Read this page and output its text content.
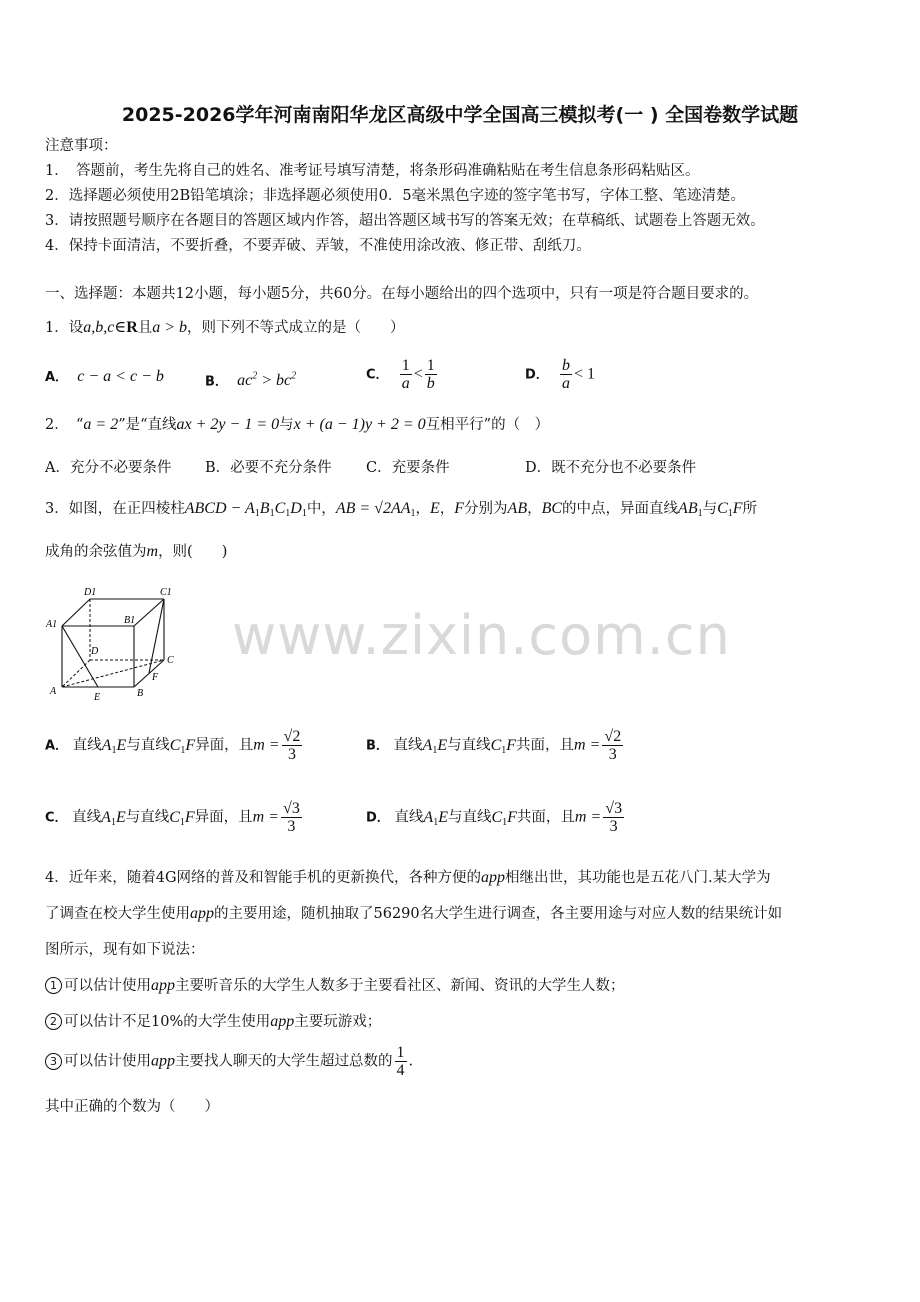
2025-2026学年河南南阳华龙区高级中学全国高三模拟考(一 ) 全国卷数学试题
注意事项：
1．　答题前，考生先将自己的姓名、准考证号填写清楚，将条形码准确粘贴在考生信息条形码粘贴区。
2．选择题必须使用2B铅笔填涂；非选择题必须使用0．5毫米黑色字迹的签字笔书写，字体工整、笔迹清楚。
3．请按照题号顺序在各题目的答题区域内作答，超出答题区域书写的答案无效；在草稿纸、试题卷上答题无效。
4．保持卡面清洁，不要折叠，不要弄破、弄皱，不准使用涂改液、修正带、刮纸刀。
一、选择题：本题共12小题，每小题5分，共60分。在每小题给出的四个选项中，只有一项是符合题目要求的。
1．设a,b,c∈R且a > b，则下列不等式成立的是（　　）
A． c − a < c − b	B． $ac^2 > bc^2$	C． $\frac{1}{a} < \frac{1}{b}$	D． $\frac{b}{a} < 1$
2．　“a = 2”是“直线ax + 2y − 1 = 0与x + (a − 1)y + 2 = 0互相平行”的（　）
A．充分不必要条件 B．必要不充分条件 C．充要条件	D．既不充分也不必要条件
3．如图，在正四棱柱ABCD − $A_1B_1C_1D_1$中，AB = $√2AA_1$，E，F分别为AB，BC的中点，异面直线$AB_1$与$C_1F$所
成角的余弦值为m，则(　　)
D1	C1
A1	B1
D
C
F
A
E	B
www.zixin.com.cn
A． 直线$A_1E$与直线$C_1F$异面，且$m = \frac{√2}{3}$	B． 直线$A_1E$与直线$C_1F$共面，且$m = \frac{√2}{3}$
C． 直线$A_1E$与直线$C_1F$异面，且$m = \frac{√3}{3}$	D． 直线$A_1E$与直线$C_1F$共面，且$m = \frac{√3}{3}$
4．近年来，随着4G网络的普及和智能手机的更新换代，各种方便的app相继出世，其功能也是五花八门.某大学为
了调查在校大学生使用app的主要用途，随机抽取了56290名大学生进行调查，各主要用途与对应人数的结果统计如
图所示，现有如下说法：
1 可以估计使用app主要听音乐的大学生人数多于主要看社区、新闻、资讯的大学生人数；
2 可以估计不足10%的大学生使用app主要玩游戏；
3 可以估计使用app主要找人聊天的大学生超过总数的 $\frac{1}{4}$ .
其中正确的个数为（　　）
